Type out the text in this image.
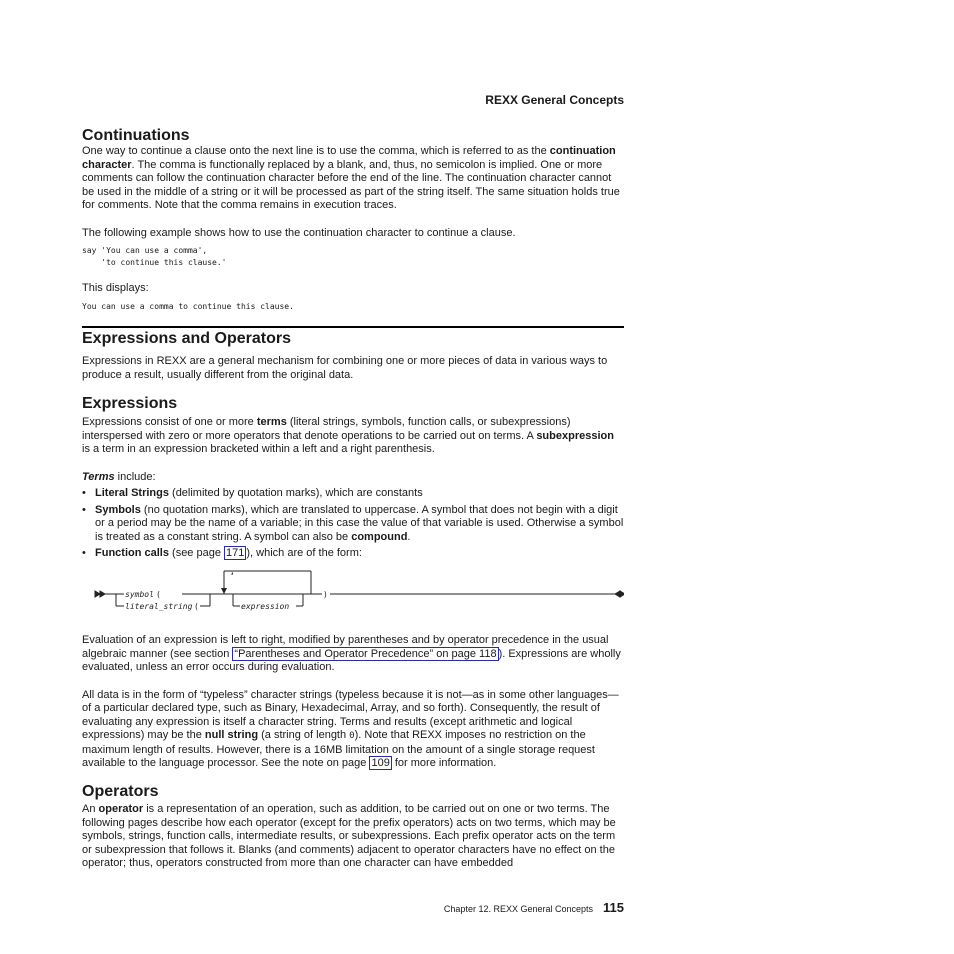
REXX General Concepts
Continuations

One way to continue a clause onto the next line is to use the comma, which is referred to as the continuation character. The comma is functionally replaced by a blank, and, thus, no semicolon is implied. One or more comments can follow the continuation character before the end of the line. The continuation character cannot be used in the middle of a string or it will be processed as part of the string itself. The same situation holds true for comments. Note that the comma remains in execution traces.

The following example shows how to use the continuation character to continue a clause.

say 'You can use a comma',
'to continue this clause.'

This displays:

You can use a comma to continue this clause.
Expressions and Operators

Expressions in REXX are a general mechanism for combining one or more pieces of data in various ways to produce a result, usually different from the original data.

Expressions

Expressions consist of one or more terms (literal strings, symbols, function calls, or subexpressions) interspersed with zero or more operators that denote operations to be carried out on terms. A subexpression is a term in an expression bracketed within a left and a right parenthesis.

Terms include:

• Literal Strings (delimited by quotation marks), which are constants
• Symbols (no quotation marks), which are translated to uppercase. A symbol that does not begin with a digit or a period may be the name of a variable; in this case the value of that variable is used. Otherwise a symbol is treated as a constant string. A symbol can also be compound.
• Function calls (see page 171 ), which are of the form:
symbol (
literal_string (
,
expression
)

Evaluation of an expression is left to right, modified by parentheses and by operator precedence in the usual algebraic manner (see section “Parentheses and Operator Precedence” on page 118 ). Expressions are wholly evaluated, unless an error occurs during evaluation.

All data is in the form of “typeless” character strings (typeless because it is not—as in some other languages—of a particular declared type, such as Binary, Hexadecimal, Array, and so forth). Consequently, the result of evaluating any expression is itself a character string. Terms and results (except arithmetic and logical expressions) may be the null string (a string of length 0). Note that REXX imposes no restriction on the maximum length of results. However, there is a 16MB limitation on the amount of a single storage request available to the language processor. See the note on page 109 for more information.

Operators

An operator is a representation of an operation, such as addition, to be carried out on one or two terms. The following pages describe how each operator (except for the prefix operators) acts on two terms, which may be symbols, strings, function calls, intermediate results, or subexpressions. Each prefix operator acts on the term or subexpression that follows it. Blanks (and comments) adjacent to operator characters have no effect on the operator; thus, operators constructed from more than one character can have embedded

Chapter 12. REXX General Concepts 115
